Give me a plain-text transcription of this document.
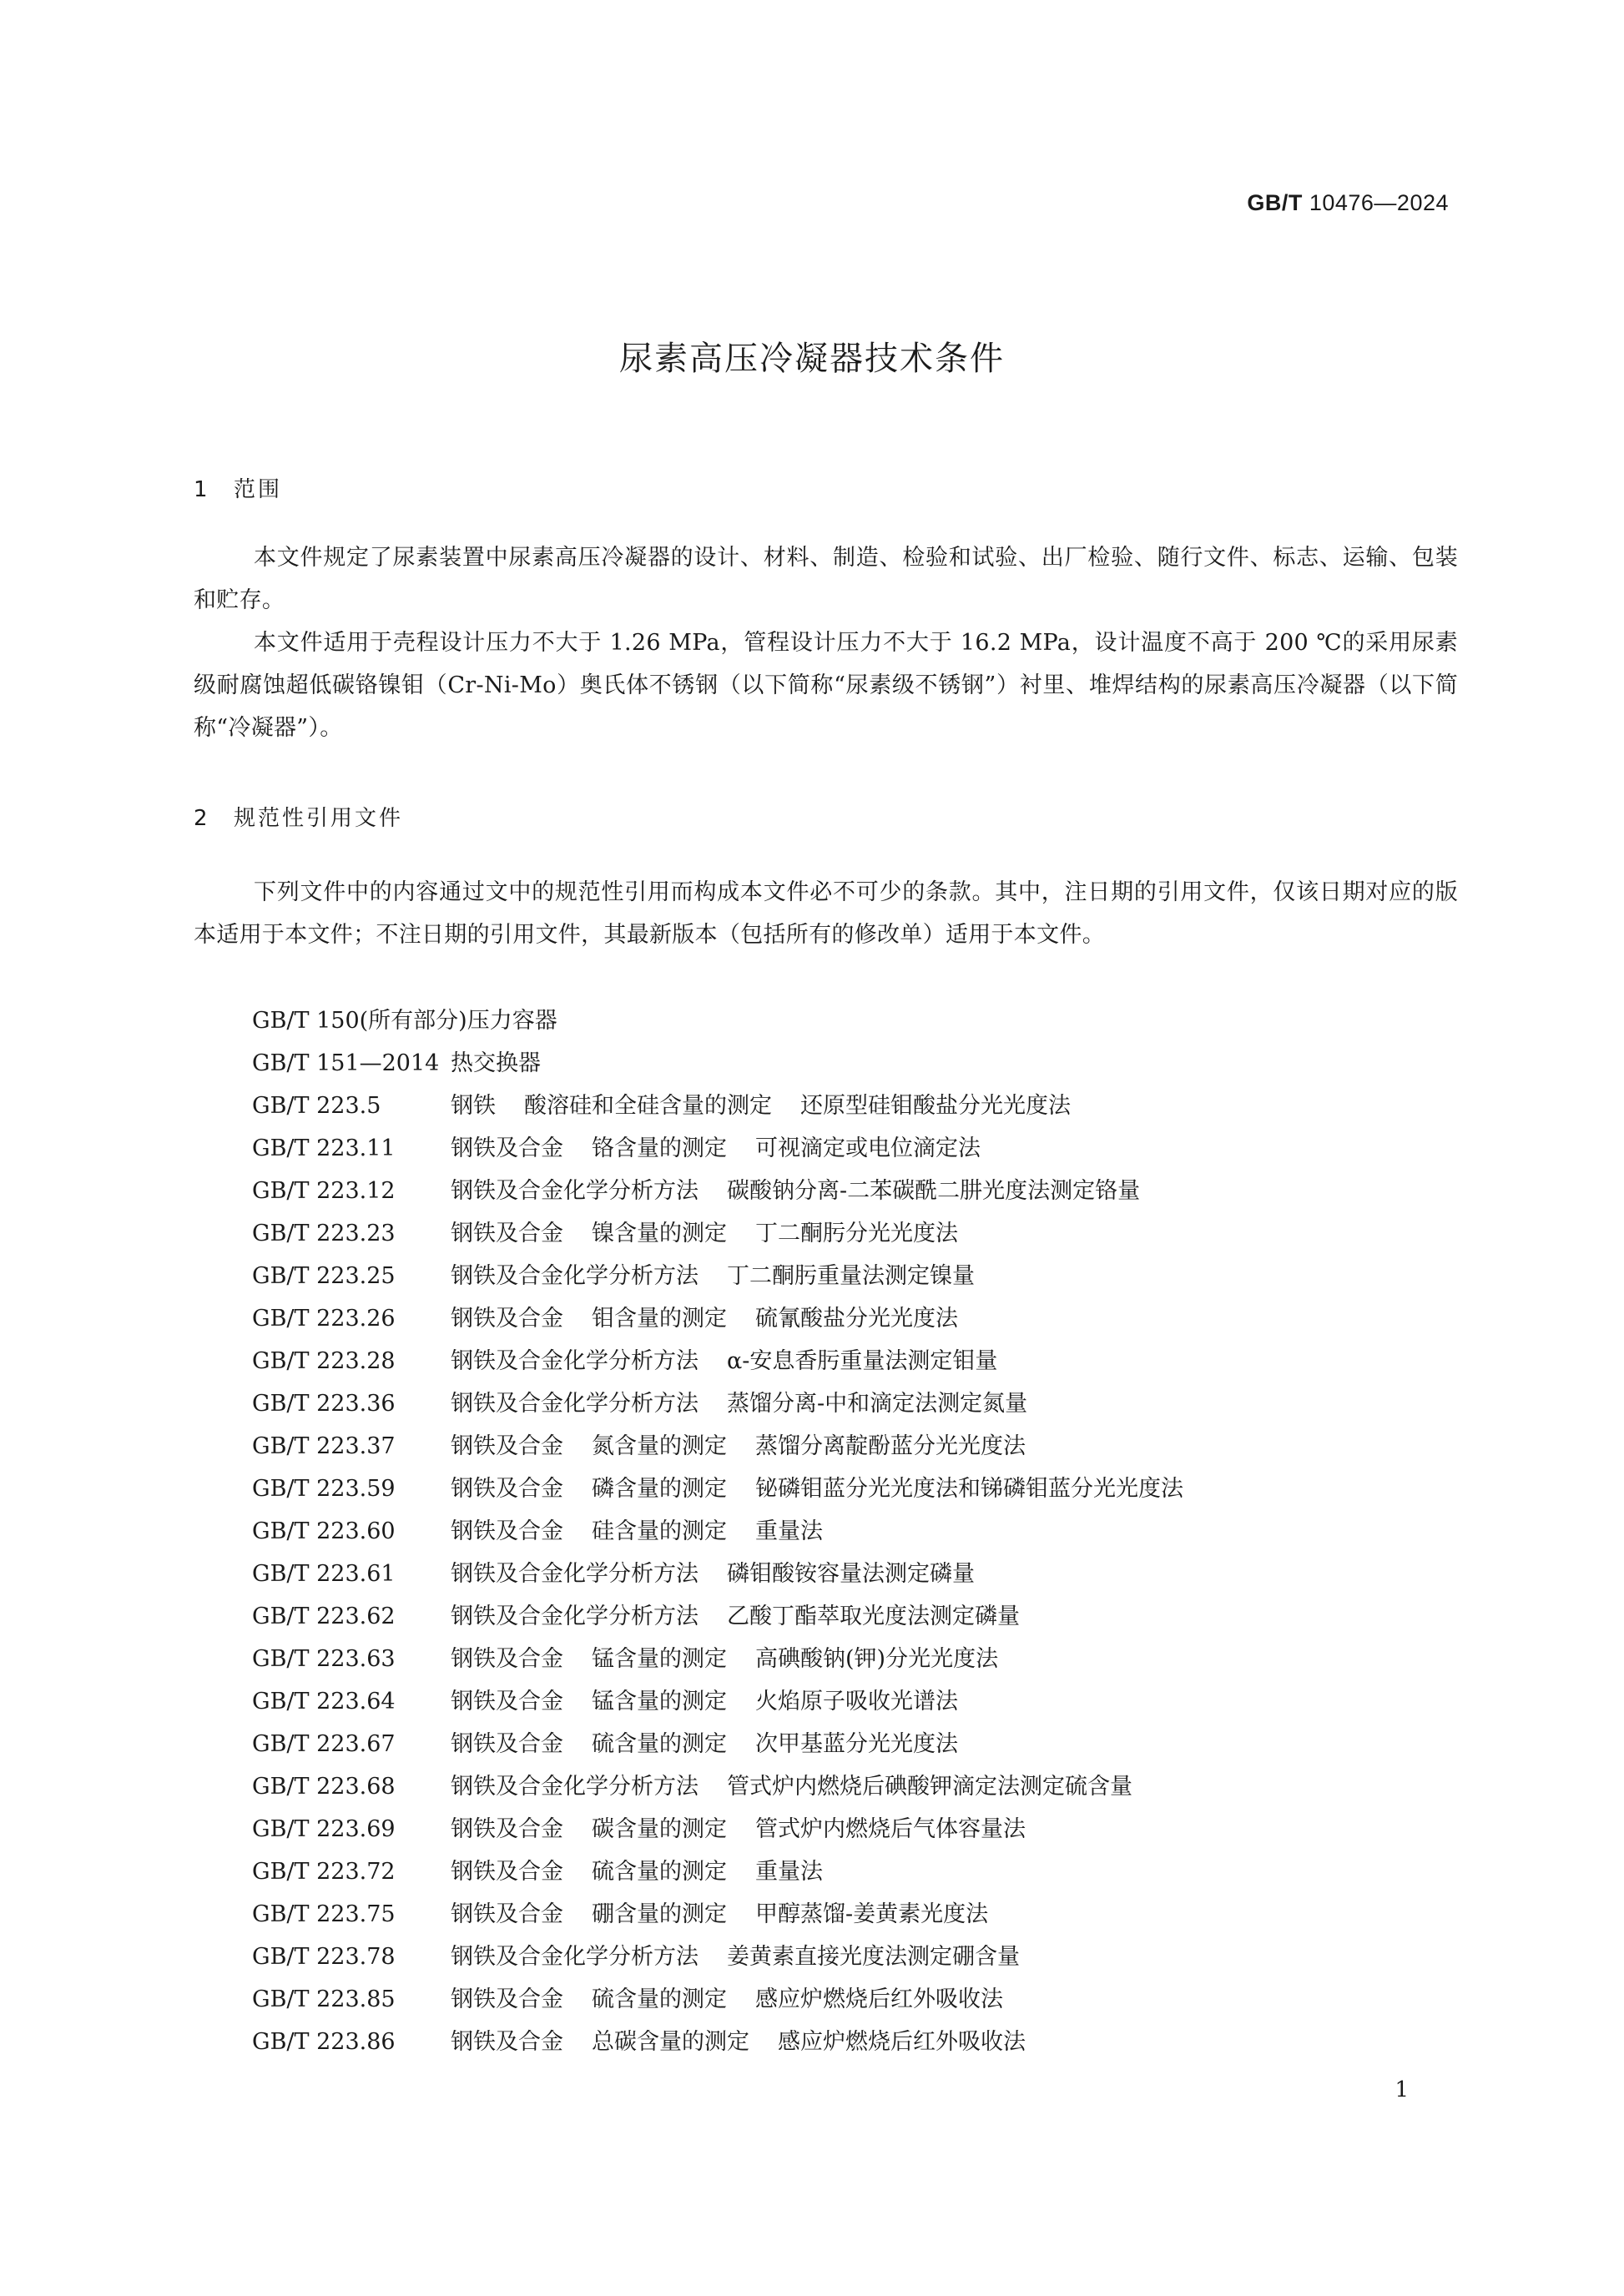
GB/T 10476—2024
尿素高压冷凝器技术条件
1 范围
本文件规定了尿素装置中尿素高压冷凝器的设计、材料、制造、检验和试验、出厂检验、随行文件、标志、运输、包装和贮存。
本文件适用于壳程设计压力不大于 1.26 MPa，管程设计压力不大于 16.2 MPa，设计温度不高于 200 ℃的采用尿素级耐腐蚀超低碳铬镍钼（Cr-Ni-Mo）奥氏体不锈钢（以下简称“尿素级不锈钢”）衬里、堆焊结构的尿素高压冷凝器（以下简称“冷凝器”）。
2 规范性引用文件
下列文件中的内容通过文中的规范性引用而构成本文件必不可少的条款。其中，注日期的引用文件，仅该日期对应的版本适用于本文件；不注日期的引用文件，其最新版本（包括所有的修改单）适用于本文件。
GB/T 150(所有部分)压力容器
GB/T 151—2014 热交换器
GB/T 223.5	钢铁 酸溶硅和全硅含量的测定 还原型硅钼酸盐分光光度法
GB/T 223.11 钢铁及合金 铬含量的测定 可视滴定或电位滴定法
GB/T 223.12 钢铁及合金化学分析方法 碳酸钠分离-二苯碳酰二肼光度法测定铬量
GB/T 223.23 钢铁及合金 镍含量的测定 丁二酮肟分光光度法
GB/T 223.25 钢铁及合金化学分析方法 丁二酮肟重量法测定镍量
GB/T 223.26 钢铁及合金 钼含量的测定 硫氰酸盐分光光度法
GB/T 223.28 钢铁及合金化学分析方法 α-安息香肟重量法测定钼量
GB/T 223.36 钢铁及合金化学分析方法 蒸馏分离-中和滴定法测定氮量
GB/T 223.37 钢铁及合金 氮含量的测定 蒸馏分离靛酚蓝分光光度法
GB/T 223.59 钢铁及合金 磷含量的测定 铋磷钼蓝分光光度法和锑磷钼蓝分光光度法
GB/T 223.60 钢铁及合金 硅含量的测定 重量法
GB/T 223.61 钢铁及合金化学分析方法 磷钼酸铵容量法测定磷量
GB/T 223.62 钢铁及合金化学分析方法 乙酸丁酯萃取光度法测定磷量
GB/T 223.63 钢铁及合金 锰含量的测定 高碘酸钠(钾)分光光度法
GB/T 223.64 钢铁及合金 锰含量的测定 火焰原子吸收光谱法
GB/T 223.67 钢铁及合金 硫含量的测定 次甲基蓝分光光度法
GB/T 223.68 钢铁及合金化学分析方法 管式炉内燃烧后碘酸钾滴定法测定硫含量
GB/T 223.69 钢铁及合金 碳含量的测定 管式炉内燃烧后气体容量法
GB/T 223.72 钢铁及合金 硫含量的测定 重量法
GB/T 223.75 钢铁及合金 硼含量的测定 甲醇蒸馏-姜黄素光度法
GB/T 223.78 钢铁及合金化学分析方法 姜黄素直接光度法测定硼含量
GB/T 223.85 钢铁及合金 硫含量的测定 感应炉燃烧后红外吸收法
GB/T 223.86 钢铁及合金 总碳含量的测定 感应炉燃烧后红外吸收法
1
